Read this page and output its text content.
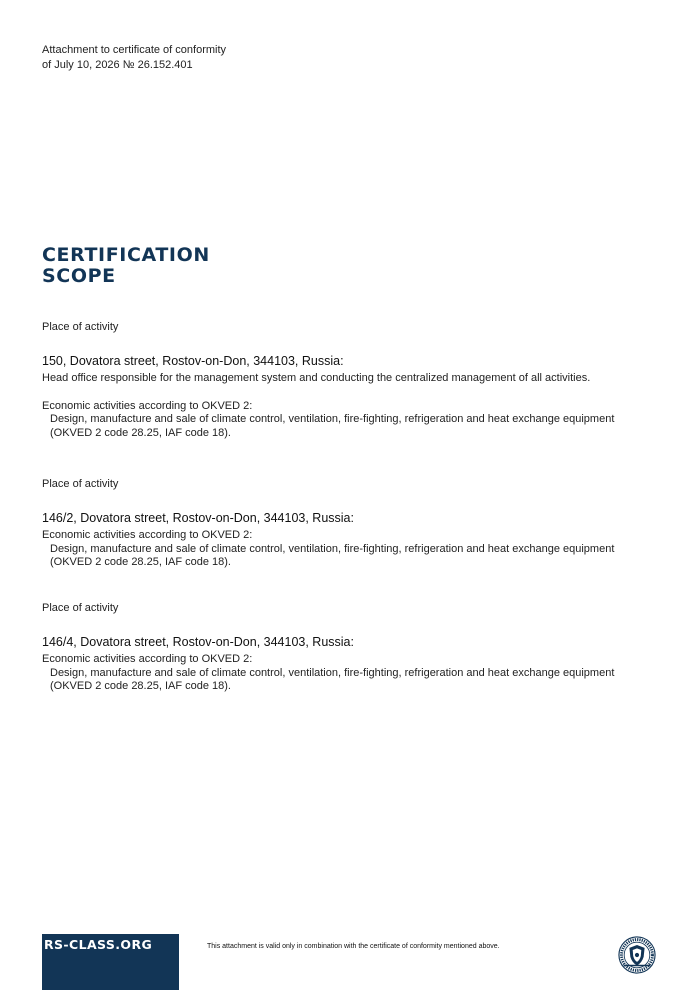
Attachment to certificate of conformity
of July 10, 2026 № 26.152.401
CERTIFICATION
SCOPE
Place of activity
150, Dovatora street, Rostov-on-Don, 344103, Russia:
Head office responsible for the management system and conducting the centralized management of all activities.
Economic activities according to OKVED 2:
Design, manufacture and sale of climate control, ventilation, fire-fighting, refrigeration and heat exchange equipment
(OKVED 2 code 28.25, IAF code 18).
Place of activity
146/2, Dovatora street, Rostov-on-Don, 344103, Russia:
Economic activities according to OKVED 2:
Design, manufacture and sale of climate control, ventilation, fire-fighting, refrigeration and heat exchange equipment
(OKVED 2 code 28.25, IAF code 18).
Place of activity
146/4, Dovatora street, Rostov-on-Don, 344103, Russia:
Economic activities according to OKVED 2:
Design, manufacture and sale of climate control, ventilation, fire-fighting, refrigeration and heat exchange equipment
(OKVED 2 code 28.25, IAF code 18).
RS-CLASS.ORG	This attachment is valid only in combination with the certificate of conformity mentioned above.
